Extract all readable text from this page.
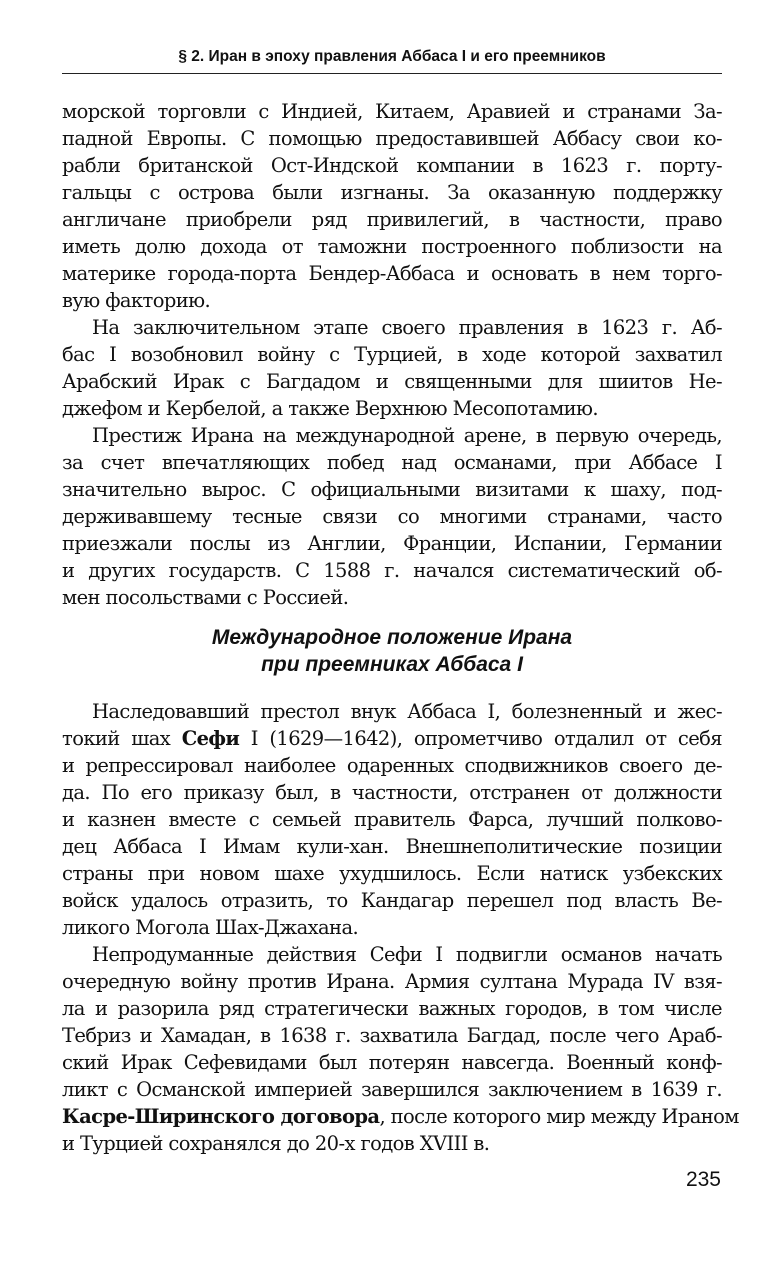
§ 2. Иран в эпоху правления Аббаса I и его преемников
морской торговли с Индией, Китаем, Аравией и странами За-
падной Европы. С помощью предоставившей Аббасу свои ко-
рабли британской Ост-Индской компании в 1623 г. порту-
гальцы с острова были изгнаны. За оказанную поддержку
англичане приобрели ряд привилегий, в частности, право
иметь долю дохода от таможни построенного поблизости на
материке города-порта Бендер-Аббаса и основать в нем торго-
вую факторию.
На заключительном этапе своего правления в 1623 г. Аб-
бас I возобновил войну с Турцией, в ходе которой захватил
Арабский Ирак с Багдадом и священными для шиитов Не-
джефом и Кербелой, а также Верхнюю Месопотамию.
Престиж Ирана на международной арене, в первую очередь,
за счет впечатляющих побед над османами, при Аббасе I
значительно вырос. С официальными визитами к шаху, под-
держивавшему тесные связи со многими странами, часто
приезжали послы из Англии, Франции, Испании, Германии
и других государств. С 1588 г. начался систематический об-
мен посольствами с Россией.
Международное положение Ирана
при преемниках Аббаса I
Наследовавший престол внук Аббаса I, болезненный и жес-
токий шах Сефи I (1629—1642), опрометчиво отдалил от себя
и репрессировал наиболее одаренных сподвижников своего де-
да. По его приказу был, в частности, отстранен от должности
и казнен вместе с семьей правитель Фарса, лучший полково-
дец Аббаса I Имам кули-хан. Внешнеполитические позиции
страны при новом шахе ухудшилось. Если натиск узбекских
войск удалось отразить, то Кандагар перешел под власть Ве-
ликого Могола Шах-Джахана.
Непродуманные действия Сефи I подвигли османов начать
очередную войну против Ирана. Армия султана Мурада IV взя-
ла и разорила ряд стратегически важных городов, в том числе
Тебриз и Хамадан, в 1638 г. захватила Багдад, после чего Араб-
ский Ирак Сефевидами был потерян навсегда. Военный конф-
ликт с Османской империей завершился заключением в 1639 г.
Касре-Ширинского договора, после которого мир между Ираном
и Турцией сохранялся до 20-х годов XVIII в.
235
